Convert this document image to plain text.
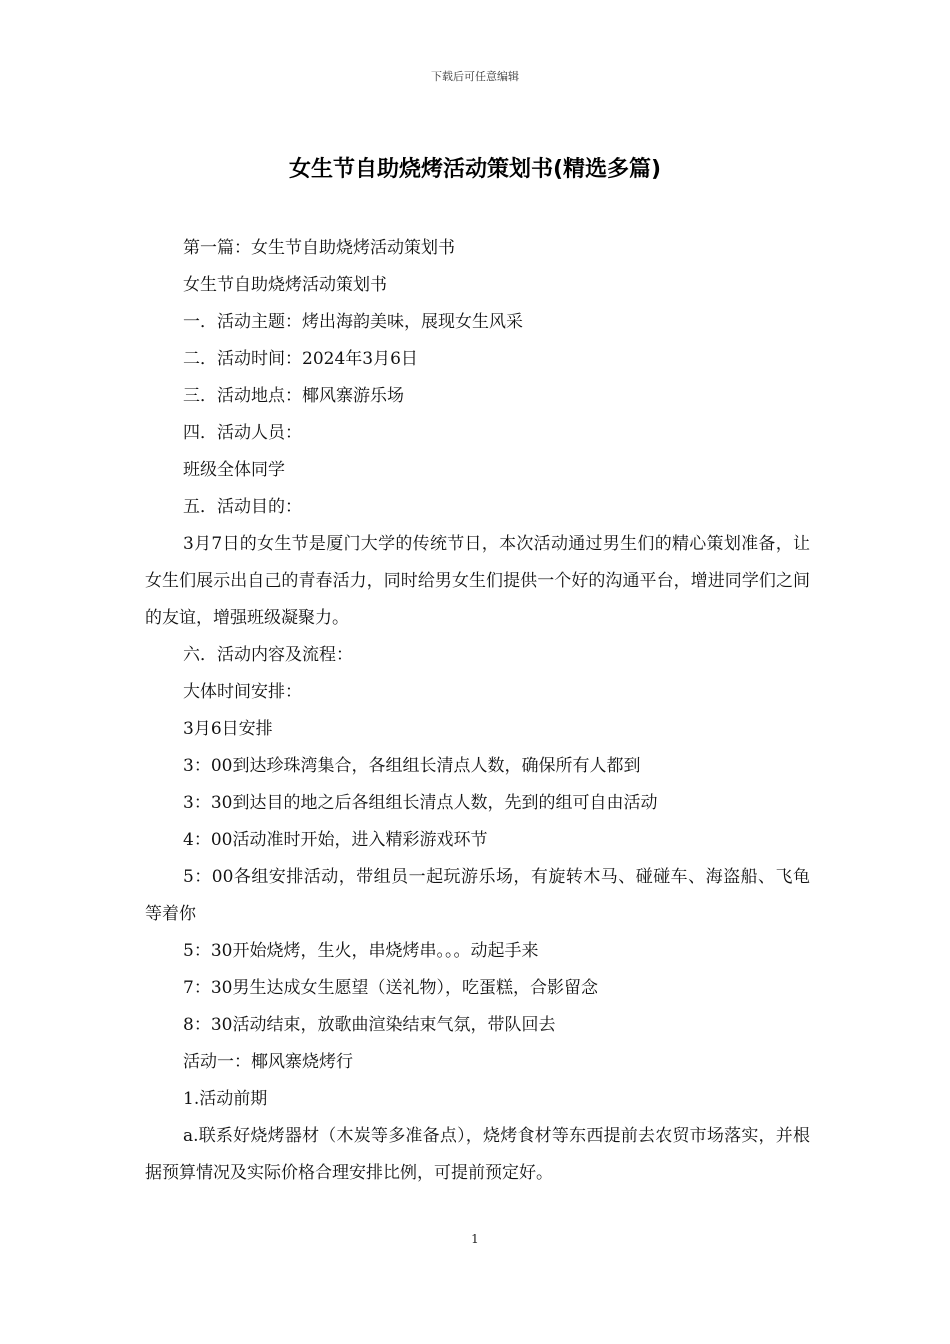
下载后可任意编辑
女生节自助烧烤活动策划书(精选多篇)

第一篇：女生节自助烧烤活动策划书

女生节自助烧烤活动策划书

一．活动主题：烤出海韵美味，展现女生风采

二．活动时间：2024年3月6日

三．活动地点：椰风寨游乐场

四．活动人员：

班级全体同学

五．活动目的：

3月7日的女生节是厦门大学的传统节日，本次活动通过男生们的精心策划准备，让女生们展示出自己的青春活力，同时给男女生们提供一个好的沟通平台，增进同学们之间的友谊，增强班级凝聚力。

六．活动内容及流程：

大体时间安排：

3月6日安排

3：00到达珍珠湾集合，各组组长清点人数，确保所有人都到

3：30到达目的地之后各组组长清点人数，先到的组可自由活动

4：00活动准时开始，进入精彩游戏环节

5：00各组安排活动，带组员一起玩游乐场，有旋转木马、碰碰车、海盗船、飞龟等着你

5：30开始烧烤，生火，串烧烤串。。。动起手来

7：30男生达成女生愿望（送礼物），吃蛋糕，合影留念

8：30活动结束，放歌曲渲染结束气氛，带队回去

活动一：椰风寨烧烤行

1.活动前期

a.联系好烧烤器材（木炭等多准备点），烧烤食材等东西提前去农贸市场落实，并根据预算情况及实际价格合理安排比例，可提前预定好。

1
